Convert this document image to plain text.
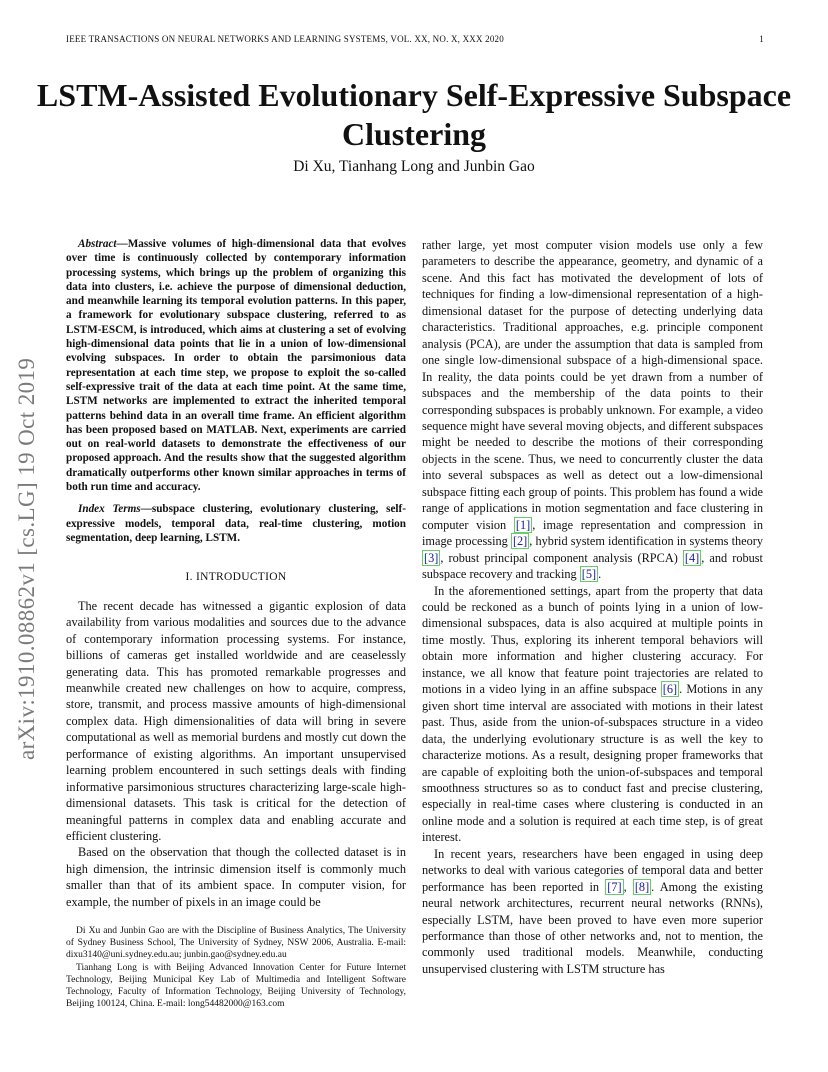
IEEE TRANSACTIONS ON NEURAL NETWORKS AND LEARNING SYSTEMS, VOL. XX, NO. X, XXX 2020	1
LSTM-Assisted Evolutionary Self-Expressive Subspace Clustering
Di Xu, Tianhang Long and Junbin Gao
arXiv:1910.08862v1 [cs.LG] 19 Oct 2019

Abstract—Massive volumes of high-dimensional data that evolves over time is continuously collected by contemporary information processing systems, which brings up the problem of organizing this data into clusters, i.e. achieve the purpose of dimensional deduction, and meanwhile learning its temporal evolution patterns. In this paper, a framework for evolutionary subspace clustering, referred to as LSTM-ESCM, is introduced, which aims at clustering a set of evolving high-dimensional data points that lie in a union of low-dimensional evolving subspaces. In order to obtain the parsimonious data representation at each time step, we propose to exploit the so-called self-expressive trait of the data at each time point. At the same time, LSTM networks are implemented to extract the inherited temporal patterns behind data in an overall time frame. An efficient algorithm has been proposed based on MATLAB. Next, experiments are carried out on real-world datasets to demonstrate the effectiveness of our proposed approach. And the results show that the suggested algorithm dramatically outperforms other known similar approaches in terms of both run time and accuracy.

Index Terms—subspace clustering, evolutionary clustering, self-expressive models, temporal data, real-time clustering, motion segmentation, deep learning, LSTM.

I. INTRODUCTION

The recent decade has witnessed a gigantic explosion of data availability from various modalities and sources due to the advance of contemporary information processing systems. For instance, billions of cameras get installed worldwide and are ceaselessly generating data. This has promoted remarkable progresses and meanwhile created new challenges on how to acquire, compress, store, transmit, and process massive amounts of high-dimensional complex data. High dimensionalities of data will bring in severe computational as well as memorial burdens and mostly cut down the performance of existing algorithms. An important unsupervised learning problem encountered in such settings deals with finding informative parsimonious structures characterizing large-scale high-dimensional datasets. This task is critical for the detection of meaningful patterns in complex data and enabling accurate and efficient clustering.

Based on the observation that though the collected dataset is in high dimension, the intrinsic dimension itself is commonly much smaller than that of its ambient space. In computer vision, for example, the number of pixels in an image could be

Di Xu and Junbin Gao are with the Discipline of Business Analytics, The University of Sydney Business School, The University of Sydney, NSW 2006, Australia. E-mail: dixu3140@uni.sydney.edu.au; junbin.gao@sydney.edu.au

Tianhang Long is with Beijing Advanced Innovation Center for Future Internet Technology, Beijing Municipal Key Lab of Multimedia and Intelligent Software Technology, Faculty of Information Technology, Beijing University of Technology, Beijing 100124, China. E-mail: long54482000@163.com

rather large, yet most computer vision models use only a few parameters to describe the appearance, geometry, and dynamic of a scene. And this fact has motivated the development of lots of techniques for finding a low-dimensional representation of a high-dimensional dataset for the purpose of detecting underlying data characteristics. Traditional approaches, e.g. principle component analysis (PCA), are under the assumption that data is sampled from one single low-dimensional subspace of a high-dimensional space. In reality, the data points could be yet drawn from a number of subspaces and the membership of the data points to their corresponding subspaces is probably unknown. For example, a video sequence might have several moving objects, and different subspaces might be needed to describe the motions of their corresponding objects in the scene. Thus, we need to concurrently cluster the data into several subspaces as well as detect out a low-dimensional subspace fitting each group of points. This problem has found a wide range of applications in motion segmentation and face clustering in computer vision [1] , image representation and compression in image processing [2] , hybrid system identification in systems theory [3] , robust principal component analysis (RPCA) [4] , and robust subspace recovery and tracking [5] .

In the aforementioned settings, apart from the property that data could be reckoned as a bunch of points lying in a union of low-dimensional subspaces, data is also acquired at multiple points in time mostly. Thus, exploring its inherent temporal behaviors will obtain more information and higher clustering accuracy. For instance, we all know that feature point trajectories are related to motions in a video lying in an affine subspace [6] . Motions in any given short time interval are associated with motions in their latest past. Thus, aside from the union-of-subspaces structure in a video data, the underlying evolutionary structure is as well the key to characterize motions. As a result, designing proper frameworks that are capable of exploiting both the union-of-subspaces and temporal smoothness structures so as to conduct fast and precise clustering, especially in real-time cases where clustering is conducted in an online mode and a solution is required at each time step, is of great interest.

In recent years, researchers have been engaged in using deep networks to deal with various categories of temporal data and better performance has been reported in [7] , [8] . Among the existing neural network architectures, recurrent neural networks (RNNs), especially LSTM, have been proved to have even more superior performance than those of other networks and, not to mention, the commonly used traditional models. Meanwhile, conducting unsupervised clustering with LSTM structure has
